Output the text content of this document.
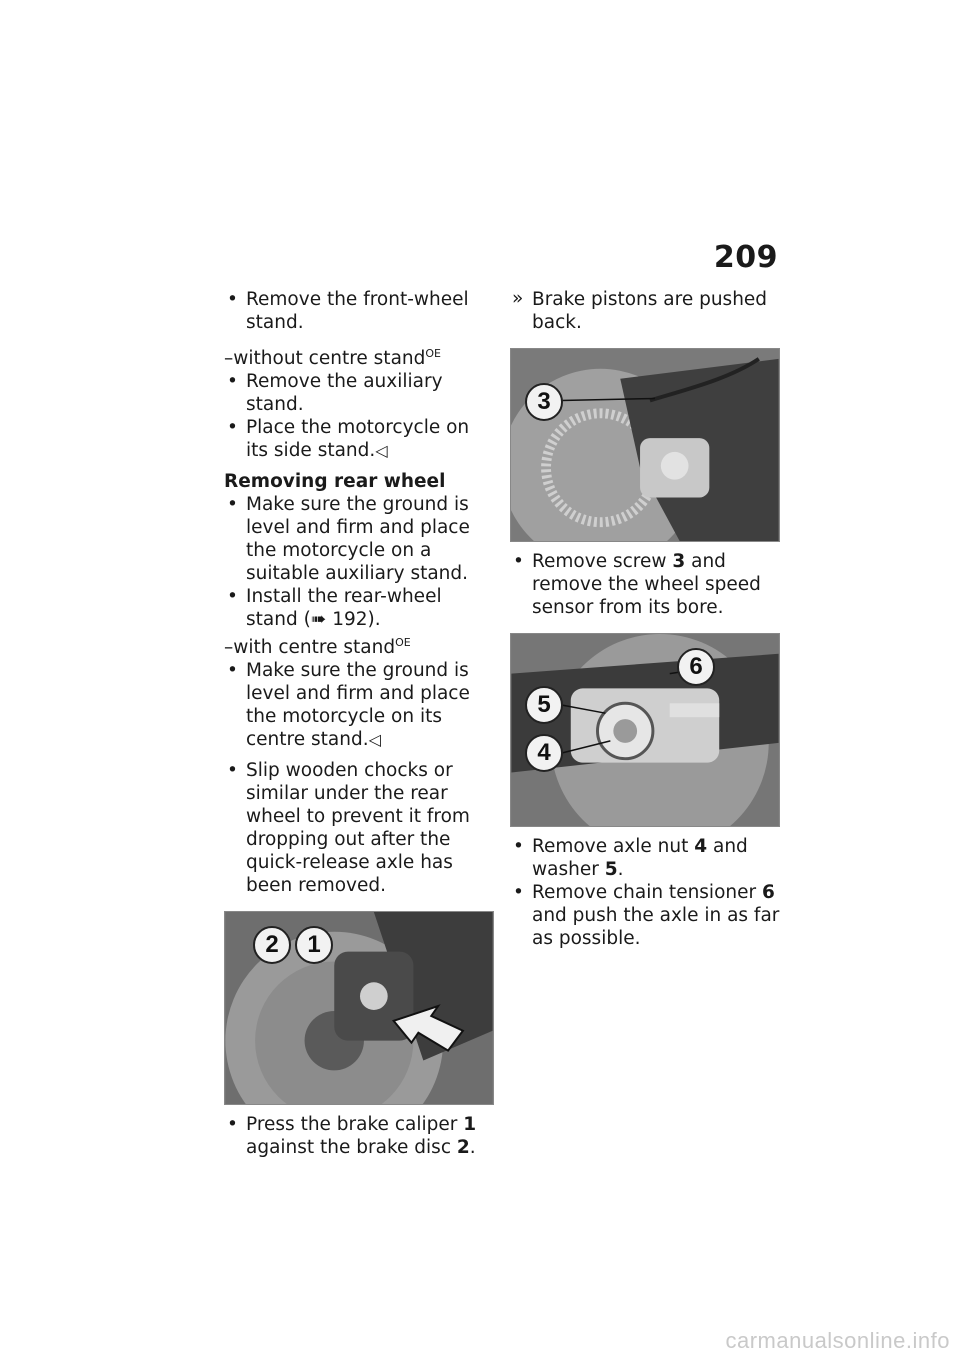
209
• Remove the front-wheel stand.
–without centre stand$^{OE}$
• Remove the auxiliary stand.
• Place the motorcycle on its side stand.◁
Removing rear wheel
• Make sure the ground is level and firm and place the motorcycle on a suitable auxiliary stand.
• Install the rear-wheel stand (➠ 192).
–with centre stand$^{OE}$
• Make sure the ground is level and firm and place the motorcycle on its centre stand.◁
• Slip wooden chocks or similar under the rear wheel to prevent it from dropping out after the quick-release axle has been removed.
2	1
• Press the brake caliper 1 against the brake disc 2.
» Brake pistons are pushed back.
3
• Remove screw 3 and remove the wheel speed sensor from its bore.
6
5
4
• Remove axle nut 4 and washer 5.
• Remove chain tensioner 6 and push the axle in as far as possible.
carmanualsonline.info
